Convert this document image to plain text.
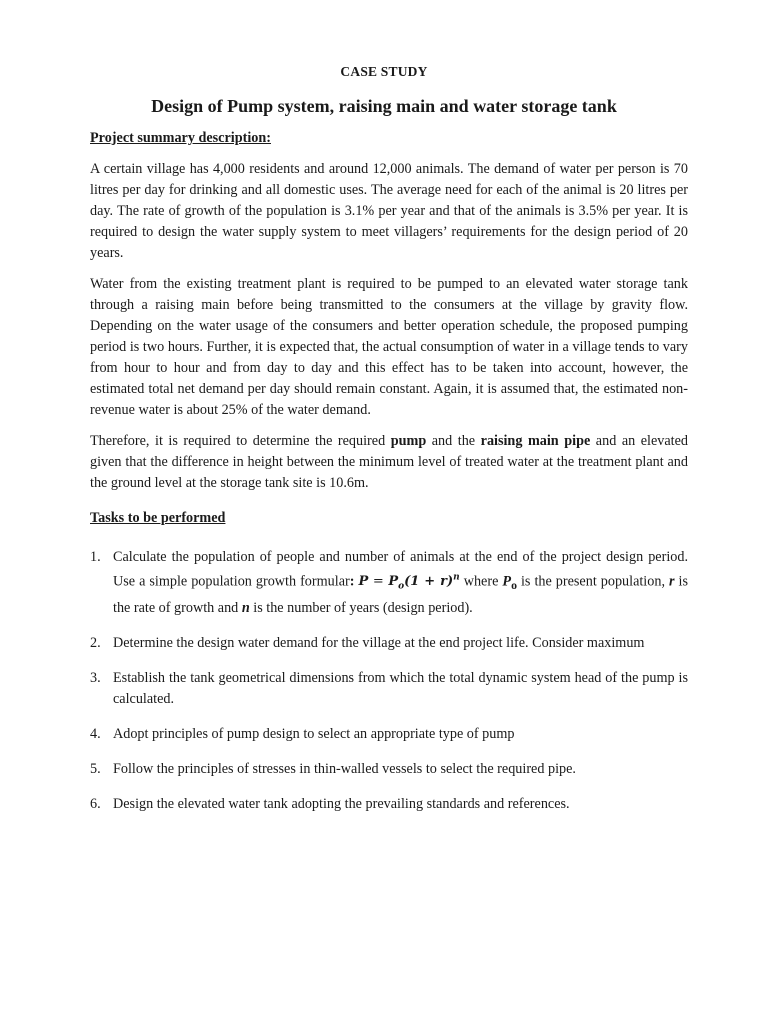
CASE STUDY
Design of Pump system, raising main and water storage tank
Project summary description:

A certain village has 4,000 residents and around 12,000 animals. The demand of water per person is 70 litres per day for drinking and all domestic uses. The average need for each of the animal is 20 litres per day. The rate of growth of the population is 3.1% per year and that of the animals is 3.5% per year. It is required to design the water supply system to meet villagers’ requirements for the design period of 20 years.

Water from the existing treatment plant is required to be pumped to an elevated water storage tank through a raising main before being transmitted to the consumers at the village by gravity flow. Depending on the water usage of the consumers and better operation schedule, the proposed pumping period is two hours. Further, it is expected that, the actual consumption of water in a village tends to vary from hour to hour and from day to day and this effect has to be taken into account, however, the estimated total net demand per day should remain constant. Again, it is assumed that, the estimated non-revenue water is about 25% of the water demand.

Therefore, it is required to determine the required pump and the raising main pipe and an elevated given that the difference in height between the minimum level of treated water at the treatment plant and the ground level at the storage tank site is 10.6m.

Tasks to be performed
1. Calculate the population of people and number of animals at the end of the project design period. Use a simple population growth formular: $P = P_o(1 + r)^n$ where $P_o$ is the present population, r is the rate of growth and n is the number of years (design period).
2. Determine the design water demand for the village at the end project life. Consider maximum
3. Establish the tank geometrical dimensions from which the total dynamic system head of the pump is calculated.
4. Adopt principles of pump design to select an appropriate type of pump
5. Follow the principles of stresses in thin-walled vessels to select the required pipe.
6. Design the elevated water tank adopting the prevailing standards and references.
